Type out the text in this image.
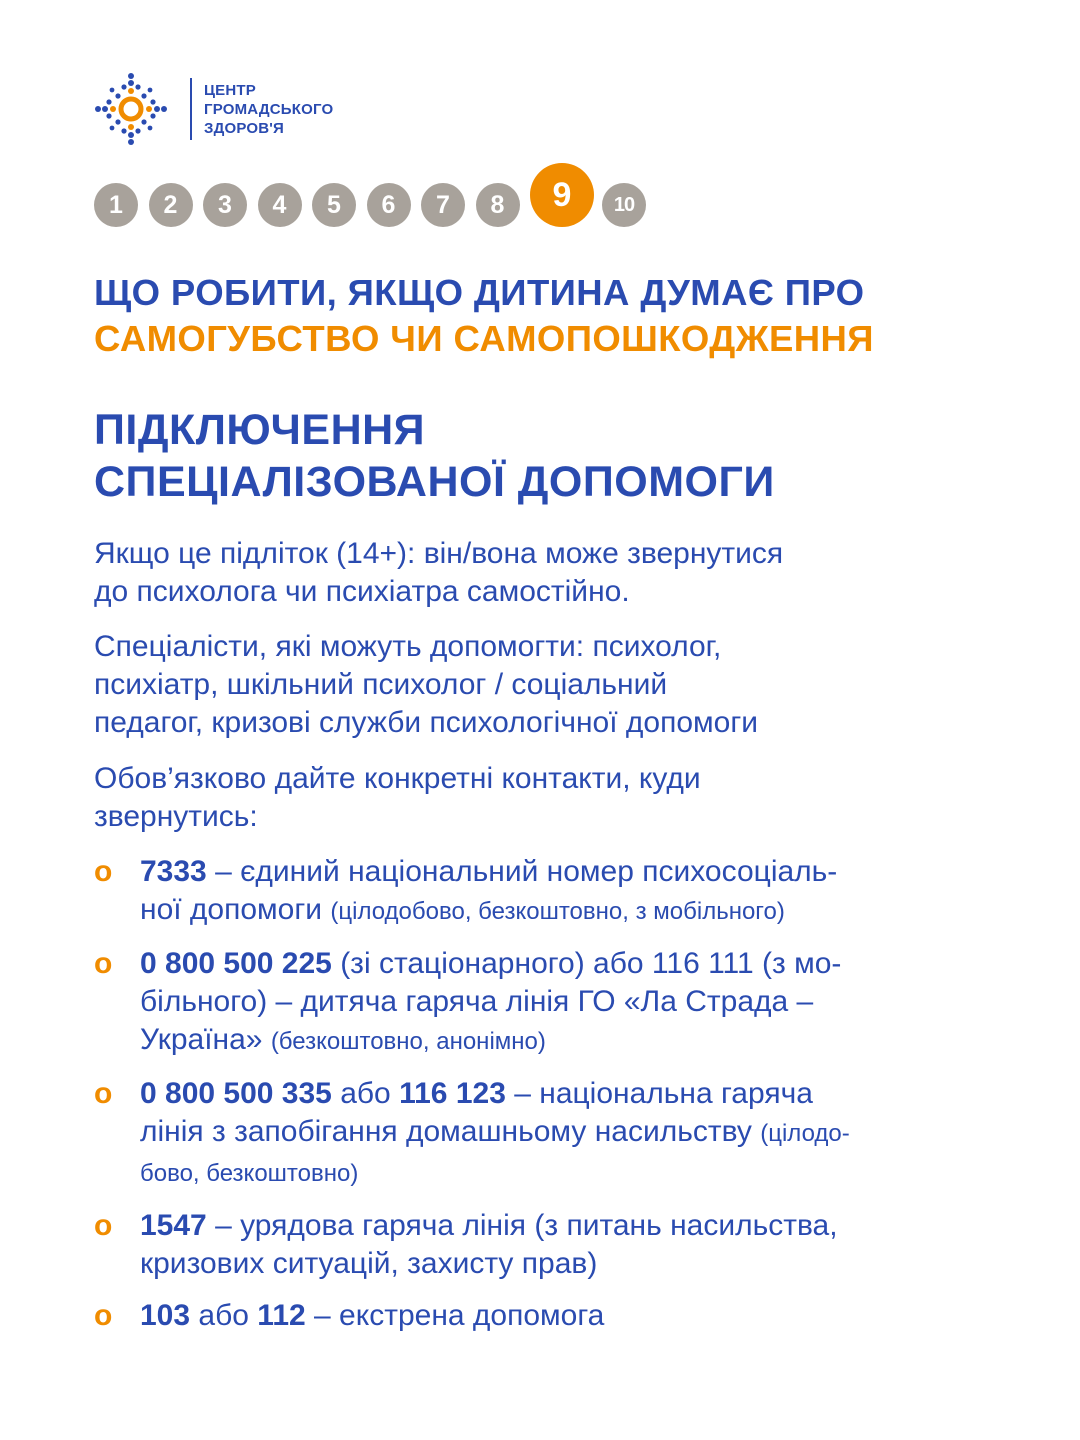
ЦЕНТР
ГРОМАДСЬКОГО
ЗДОРОВ'Я
1	2	3	4	5	6	7	8	9	10
ЩО РОБИТИ, ЯКЩО ДИТИНА ДУМАЄ ПРО
САМОГУБСТВО ЧИ САМОПОШКОДЖЕННЯ
ПІДКЛЮЧЕННЯ
СПЕЦІАЛІЗОВАНОЇ ДОПОМОГИ
Якщо це підліток (14+): він/вона може звернутися
до психолога чи психіатра самостійно.
Спеціалісти, які можуть допомогти: психолог,
психіатр, шкільний психолог / соціальний
педагог, кризові служби психологічної допомоги
Обов’язково дайте конкретні контакти, куди
звернутись:
o 7333 – єдиний національний номер психосоціаль-
ної допомоги (цілодобово, безкоштовно, з мобільного)
o 0 800 500 225 (зі стаціонарного) або 116 111 (з мо-
більного) – дитяча гаряча лінія ГО «Ла Страда –
Україна» (безкоштовно, анонімно)
o 0 800 500 335 або 116 123 – національна гаряча
лінія з запобігання домашньому насильству (цілодо-
бово, безкоштовно)
o 1547 – урядова гаряча лінія (з питань насильства,
кризових ситуацій, захисту прав)
o 103 або 112 – екстрена допомога
